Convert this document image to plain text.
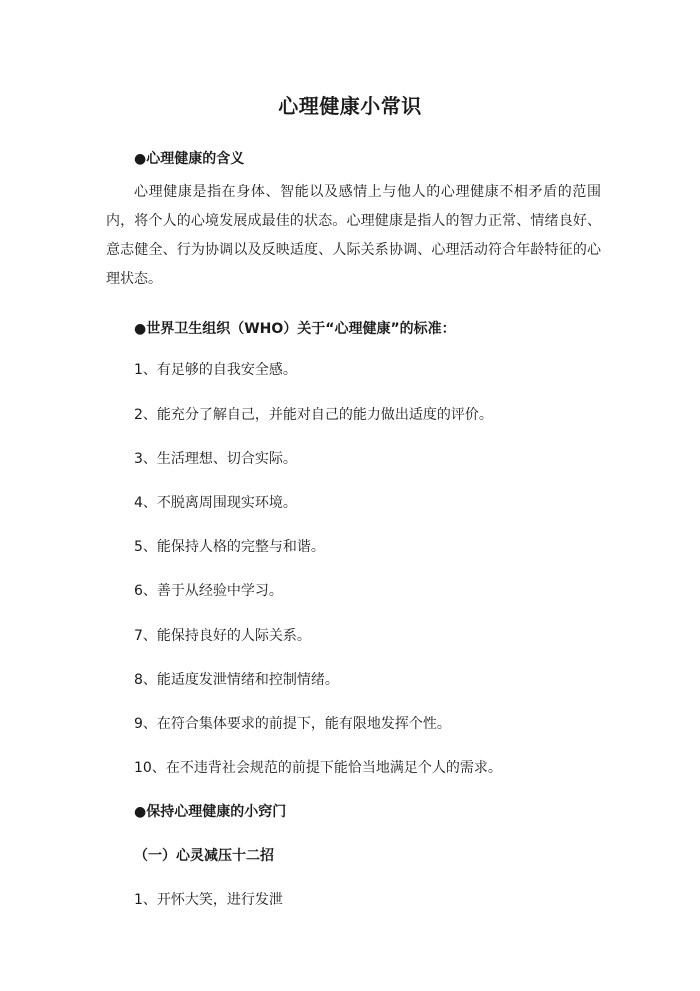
心理健康小常识
●心理健康的含义
心理健康是指在身体、智能以及感情上与他人的心理健康不相矛盾的范围内，将个人的心境发展成最佳的状态。心理健康是指人的智力正常、情绪良好、意志健全、行为协调以及反映适度、人际关系协调、心理活动符合年龄特征的心理状态。
●世界卫生组织（WHO）关于“心理健康”的标准：
1、有足够的自我安全感。
2、能充分了解自己，并能对自己的能力做出适度的评价。
3、生活理想、切合实际。
4、不脱离周围现实环境。
5、能保持人格的完整与和谐。
6、善于从经验中学习。
7、能保持良好的人际关系。
8、能适度发泄情绪和控制情绪。
9、在符合集体要求的前提下，能有限地发挥个性。
10、在不违背社会规范的前提下能恰当地满足个人的需求。
●保持心理健康的小窍门
（一）心灵减压十二招
1、开怀大笑，进行发泄
